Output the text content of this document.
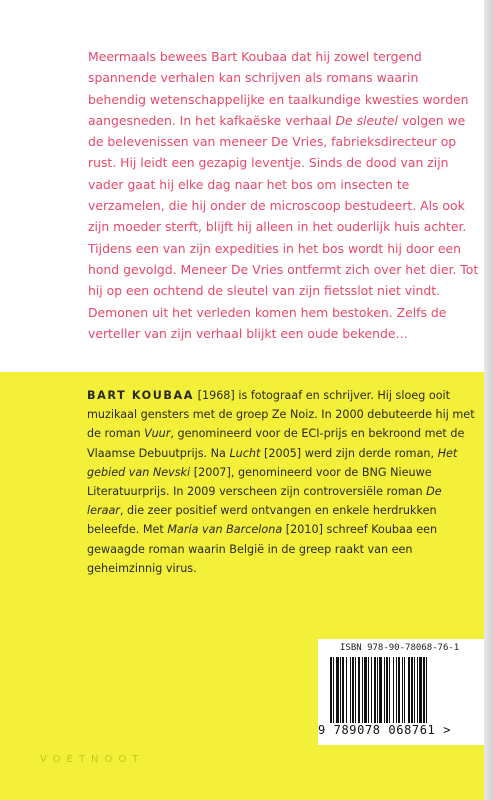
Meermaals bewees Bart Koubaa dat hij zowel tergend spannende verhalen kan schrijven als romans waarin behendig wetenschappelijke en taalkundige kwesties worden aangesneden. In het kafkaëske verhaal De sleutel volgen we de belevenissen van meneer De Vries, fabrieksdirecteur op rust. Hij leidt een gezapig leventje. Sinds de dood van zijn vader gaat hij elke dag naar het bos om insecten te verzamelen, die hij onder de microscoop bestudeert. Als ook zijn moeder sterft, blijft hij alleen in het ouderlijk huis achter. Tijdens een van zijn expedities in het bos wordt hij door een hond gevolgd. Meneer De Vries ontfermt zich over het dier. Tot hij op een ochtend de sleutel van zijn fietsslot niet vindt. Demonen uit het verleden komen hem bestoken. Zelfs de verteller van zijn verhaal blijkt een oude bekende…

BART KOUBAA [1968] is fotograaf en schrijver. Hij sloeg ooit muzikaal gensters met de groep Ze Noiz. In 2000 debuteerde hij met de roman Vuur, genomineerd voor de ECI-prijs en bekroond met de Vlaamse Debuutprijs. Na Lucht [2005] werd zijn derde roman, Het gebied van Nevski [2007], genomineerd voor de BNG Nieuwe Literatuurprijs. In 2009 verscheen zijn controversiële roman De leraar, die zeer positief werd ontvangen en enkele herdrukken beleefde. Met Maria van Barcelona [2010] schreef Koubaa een gewaagde roman waarin België in de greep raakt van een geheimzinnig virus.

VOETNOOT
ISBN 978-90-78068-76-1
9 789078 068761 >
